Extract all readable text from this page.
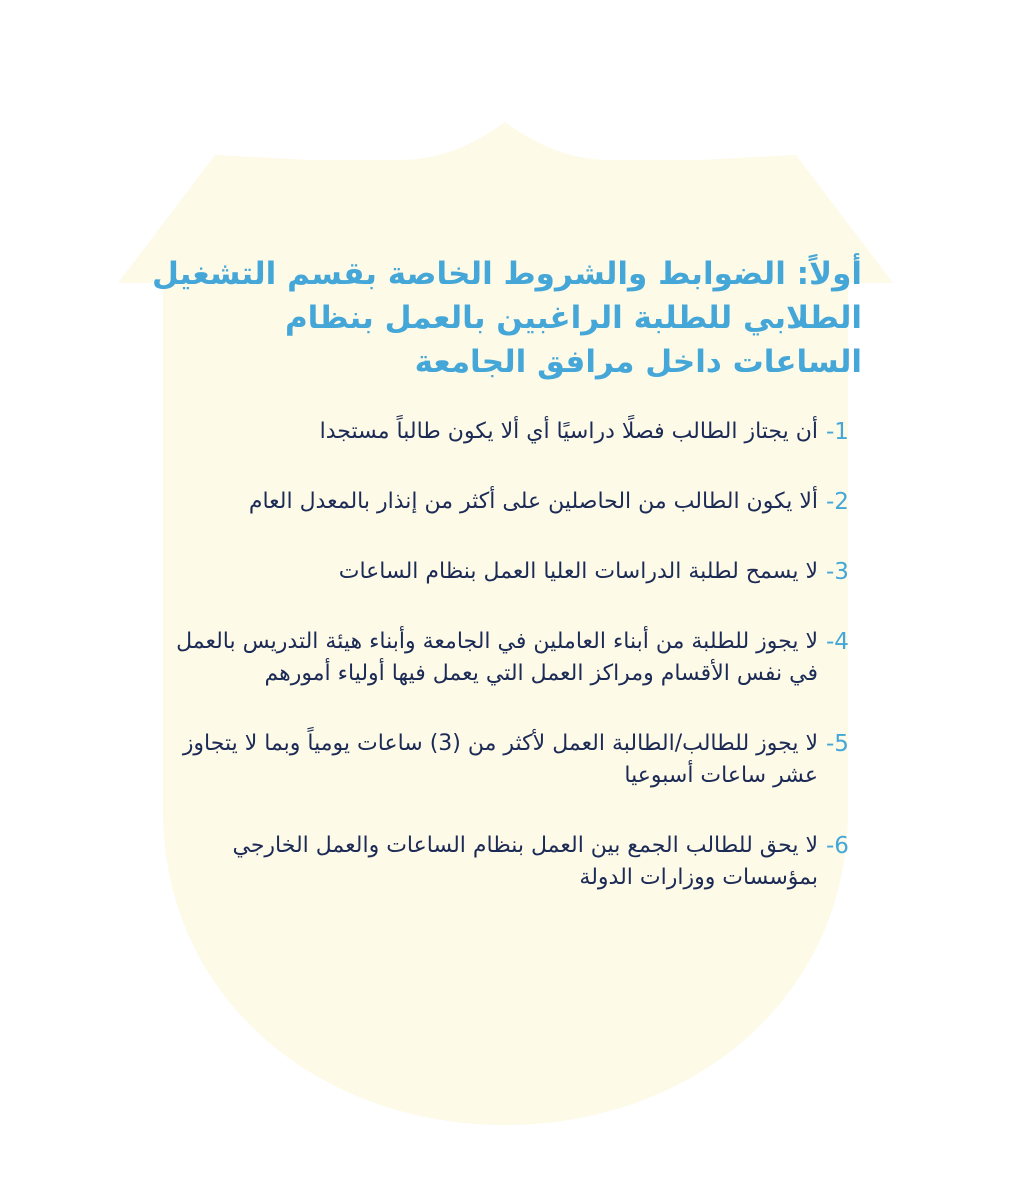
أولاً: الضوابط والشروط الخاصة بقسم التشغيل الطلابي للطلبة الراغبين بالعمل بنظام الساعات داخل مرافق الجامعة
-1
أن يجتاز الطالب فصلًا دراسيًا أي ألا يكون طالباً مستجدا
-2
ألا يكون الطالب من الحاصلين على أكثر من إنذار بالمعدل العام
-3
لا يسمح لطلبة الدراسات العليا العمل بنظام الساعات
-4
لا يجوز للطلبة من أبناء العاملين في الجامعة وأبناء هيئة التدريس بالعمل في نفس الأقسام ومراكز العمل التي يعمل فيها أولياء أمورهم
-5
لا يجوز للطالب/الطالبة العمل لأكثر من (3) ساعات يومياً وبما لا يتجاوز عشر ساعات أسبوعيا
-6
لا يحق للطالب الجمع بين العمل بنظام الساعات والعمل الخارجي بمؤسسات ووزارات الدولة
